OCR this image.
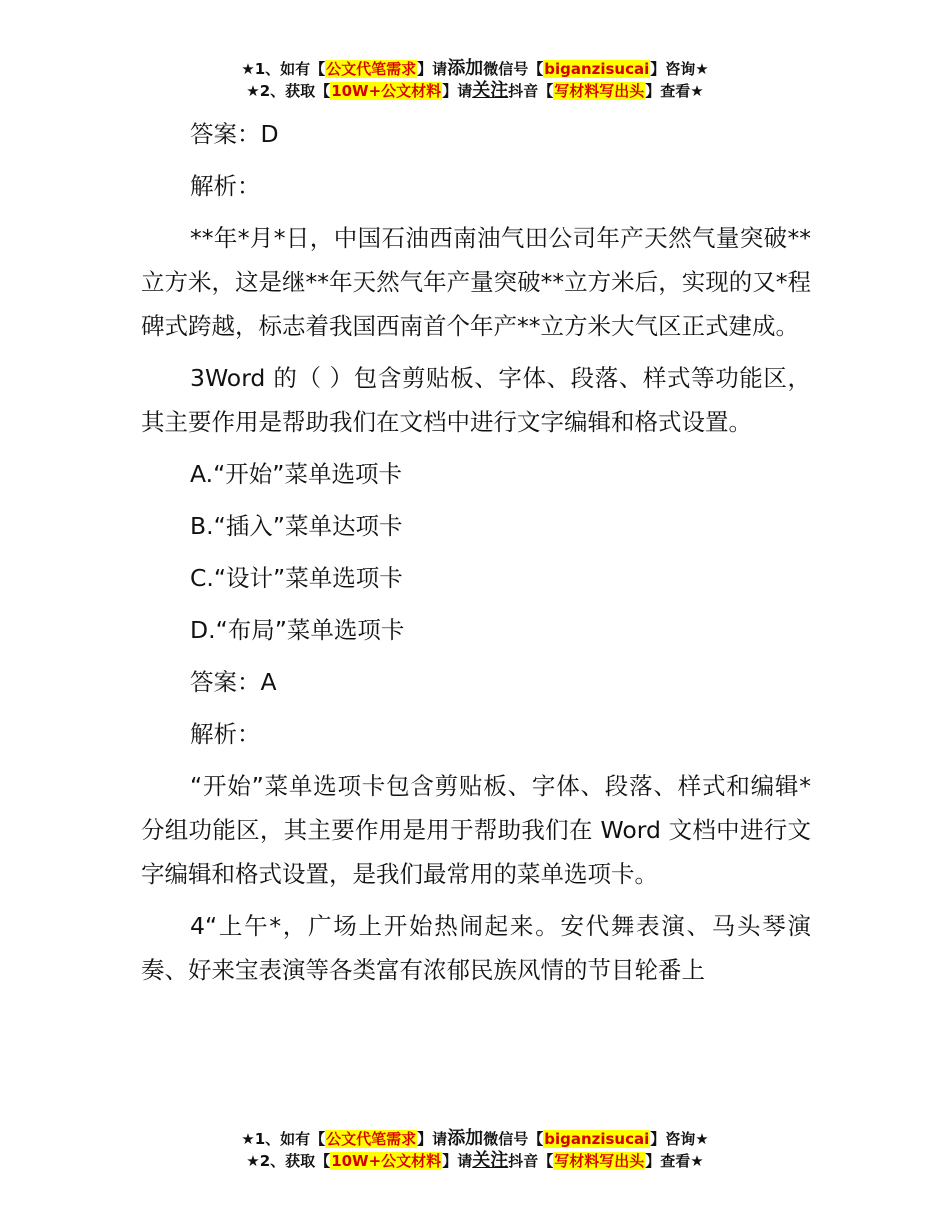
★1、如有【公文代笔需求】请添加微信号【biganzisucai】咨询★
★2、获取【10W+公文材料】请关注抖音【写材料写出头】查看★

答案：D

解析：

**年*月*日，中国石油西南油气田公司年产天然气量突破**立方米，这是继**年天然气年产量突破**立方米后，实现的又*程碑式跨越，标志着我国西南首个年产**立方米大气区正式建成。

3Word 的（ ）包含剪贴板、字体、段落、样式等功能区，其主要作用是帮助我们在文档中进行文字编辑和格式设置。

A.“开始”菜单选项卡

B.“插入”菜单达项卡

C.“设计”菜单选项卡

D.“布局”菜单选项卡

答案：A

解析：

“开始”菜单选项卡包含剪贴板、字体、段落、样式和编辑*分组功能区，其主要作用是用于帮助我们在 Word 文档中进行文字编辑和格式设置，是我们最常用的菜单选项卡。

4“上午*，广场上开始热闹起来。安代舞表演、马头琴演奏、好来宝表演等各类富有浓郁民族风情的节目轮番上

★1、如有【公文代笔需求】请添加微信号【biganzisucai】咨询★
★2、获取【10W+公文材料】请关注抖音【写材料写出头】查看★
